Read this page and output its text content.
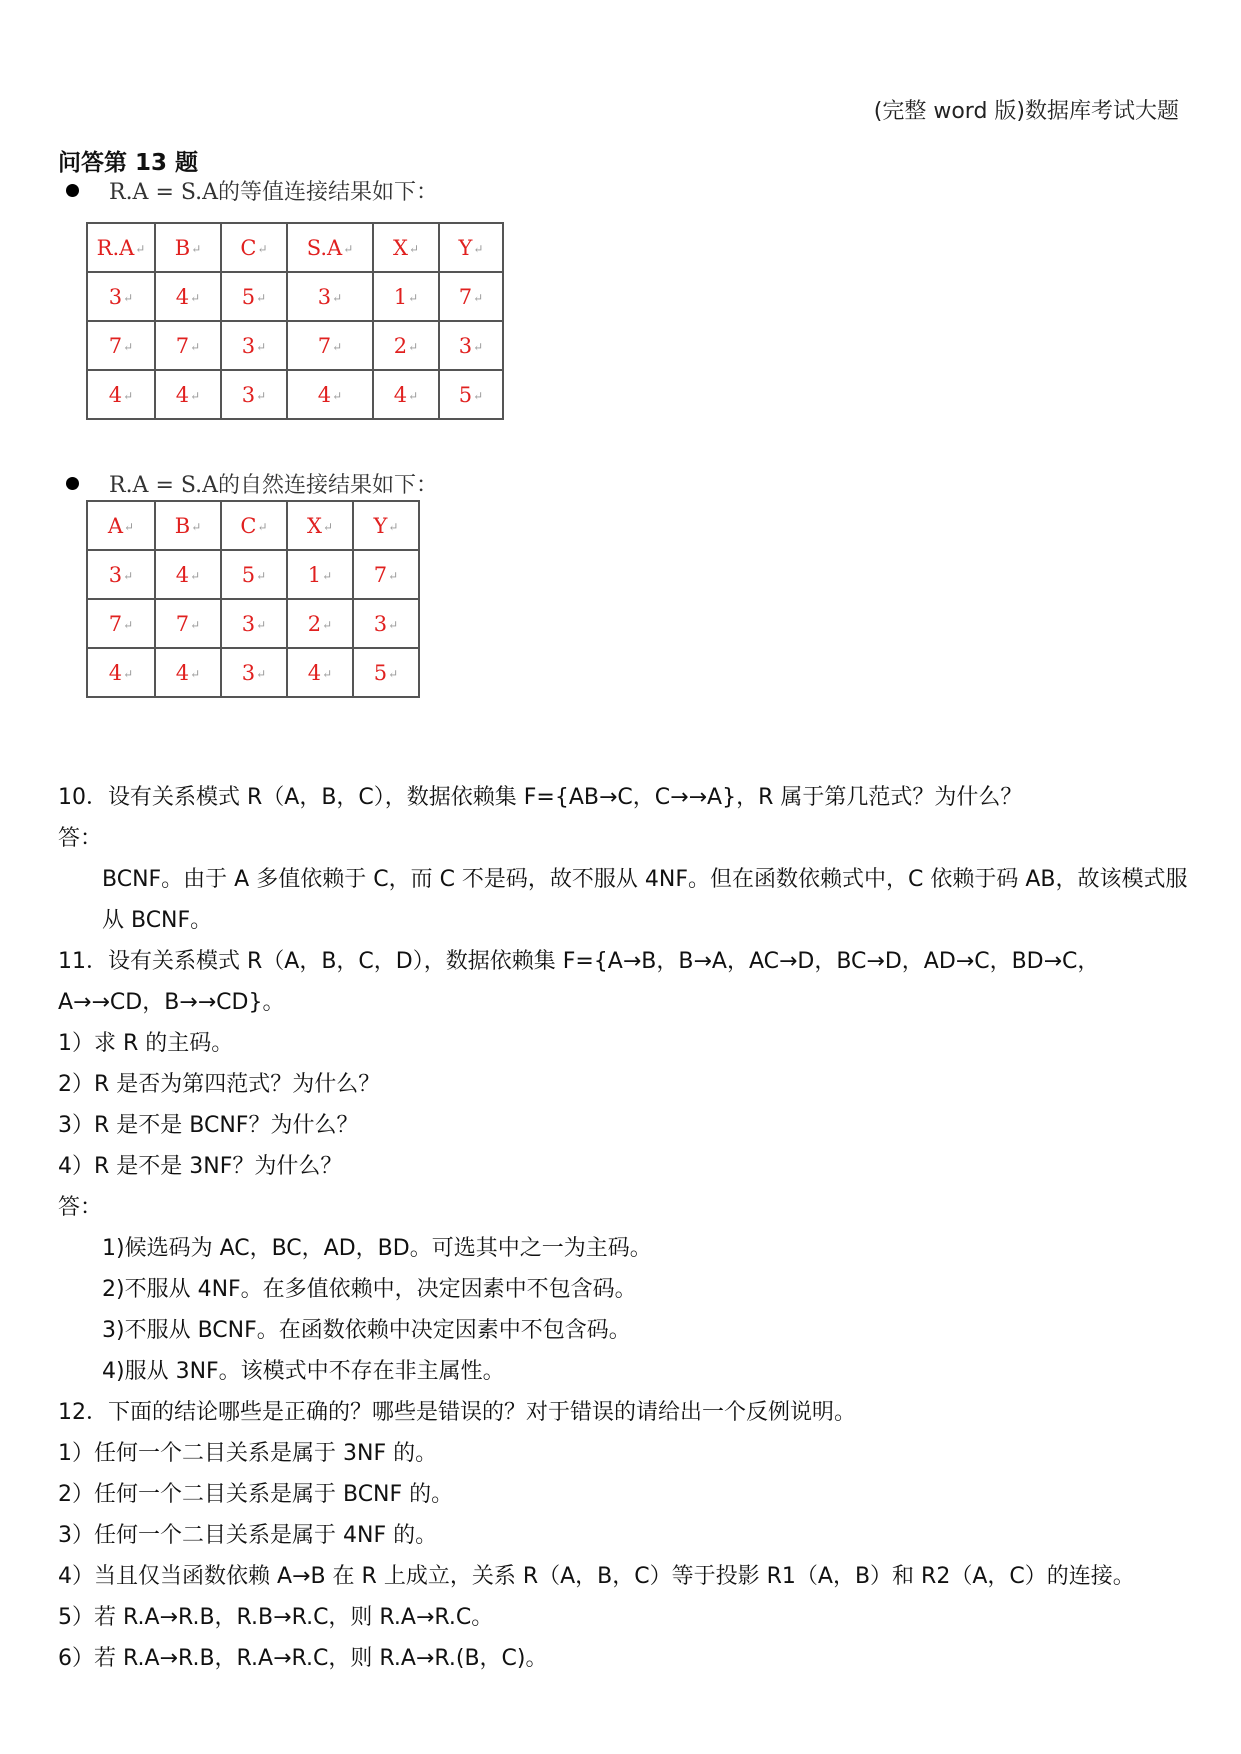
(完整 word 版)数据库考试大题
问答第 13 题
R.A = S.A的等值连接结果如下：
R.A↵	B↵	C↵	S.A↵	X↵	Y↵
3↵	4↵	5↵	3↵	1↵	7↵
7↵	7↵	3↵	7↵	2↵	3↵
4↵	4↵	3↵	4↵	4↵	5↵
R.A = S.A的自然连接结果如下：
A↵	B↵	C↵	X↵	Y↵
3↵	4↵	5↵	1↵	7↵
7↵	7↵	3↵	2↵	3↵
4↵	4↵	3↵	4↵	5↵
10．设有关系模式 R（A，B，C），数据依赖集 F={AB→C，C→→A}，R 属于第几范式？为什么？
答：
BCNF。由于 A 多值依赖于 C，而 C 不是码，故不服从 4NF。但在函数依赖式中，C 依赖于码 AB，故该模式服从 BCNF。
11．设有关系模式 R（A，B，C，D），数据依赖集 F={A→B，B→A，AC→D，BC→D，AD→C，BD→C，A→→CD，B→→CD}。
1）求 R 的主码。
2）R 是否为第四范式？为什么？
3）R 是不是 BCNF？为什么？
4）R 是不是 3NF？为什么？
答：
1)候选码为 AC，BC，AD，BD。可选其中之一为主码。
2)不服从 4NF。在多值依赖中，决定因素中不包含码。
3)不服从 BCNF。在函数依赖中决定因素中不包含码。
4)服从 3NF。该模式中不存在非主属性。
12．下面的结论哪些是正确的？哪些是错误的？对于错误的请给出一个反例说明。
1）任何一个二目关系是属于 3NF 的。
2）任何一个二目关系是属于 BCNF 的。
3）任何一个二目关系是属于 4NF 的。
4）当且仅当函数依赖 A→B 在 R 上成立，关系 R（A，B，C）等于投影 R1（A，B）和 R2（A，C）的连接。
5）若 R.A→R.B，R.B→R.C，则 R.A→R.C。
6）若 R.A→R.B，R.A→R.C，则 R.A→R.(B，C)。
